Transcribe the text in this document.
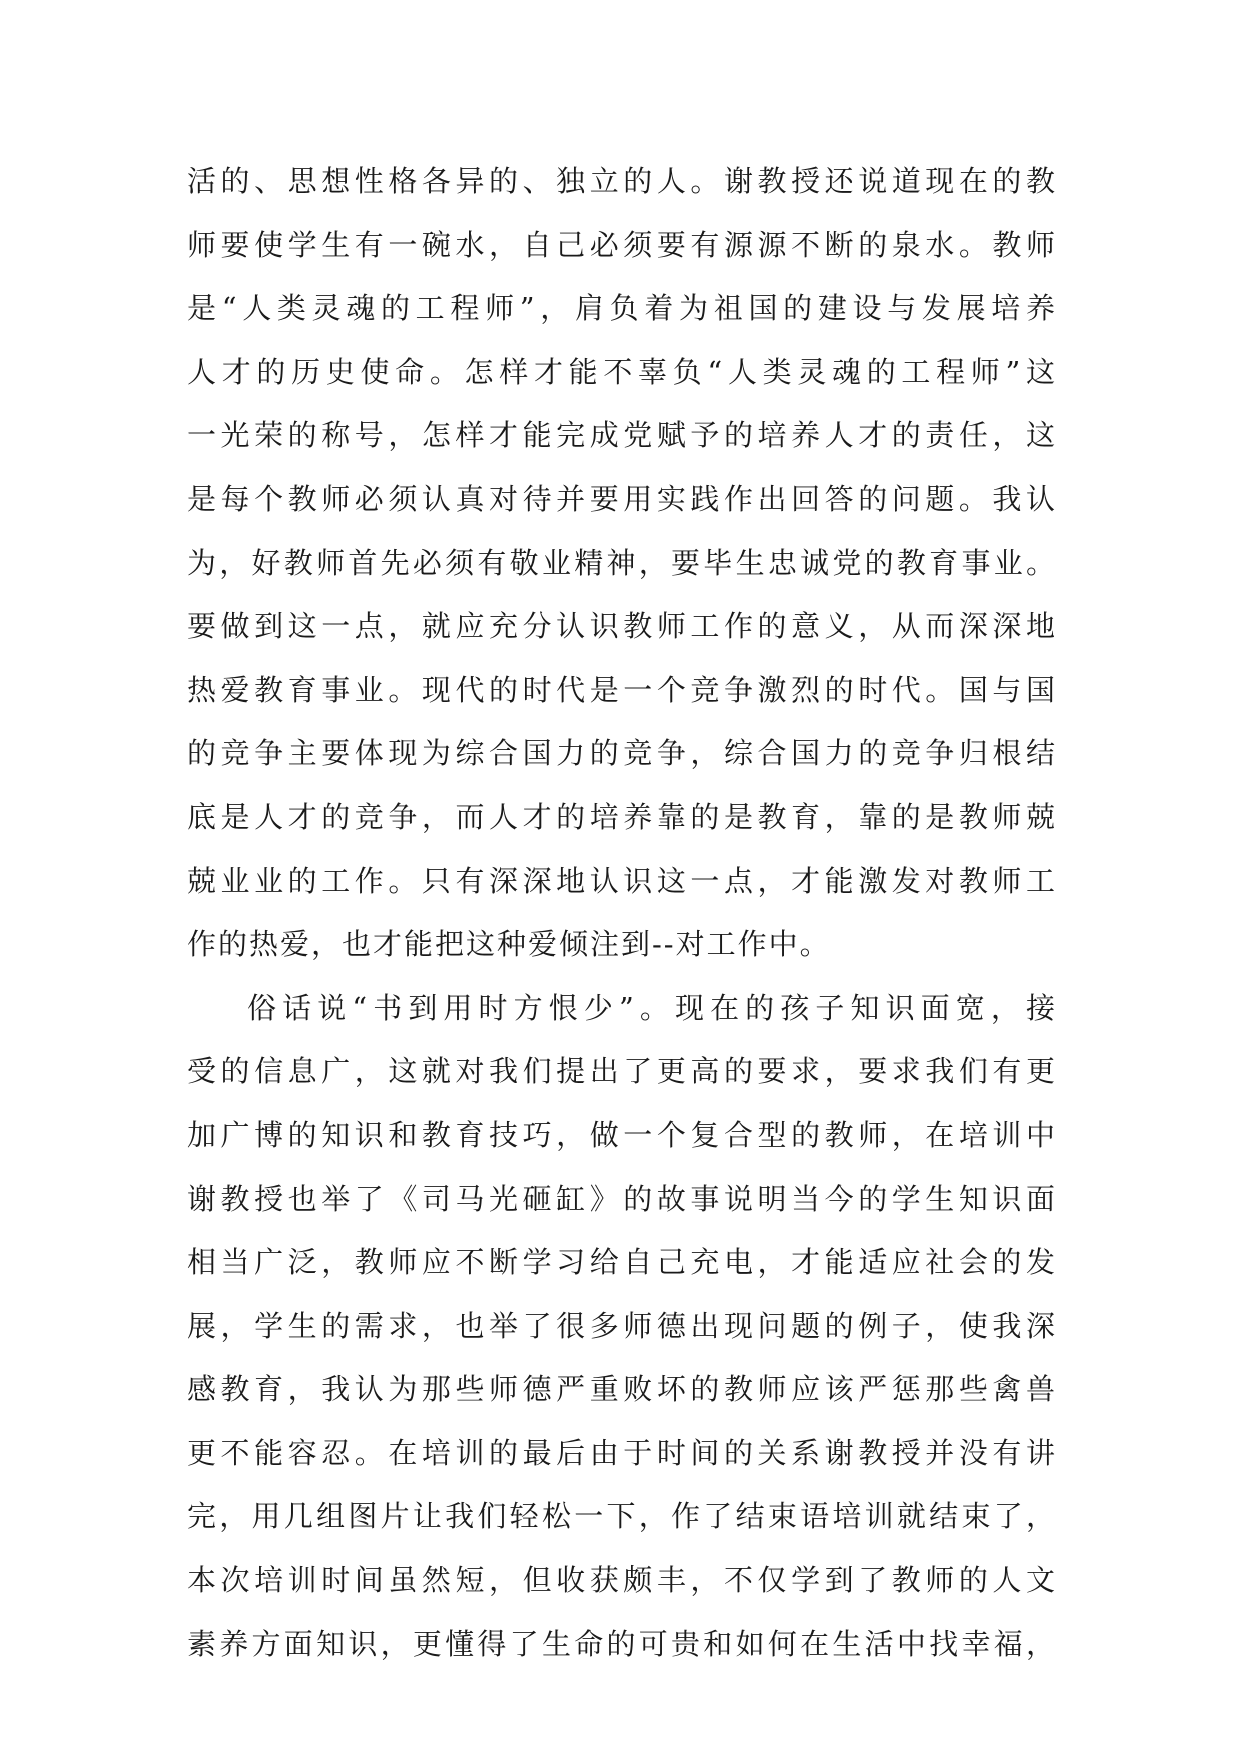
活的、思想性格各异的、独立的人。谢教授还说道现在的教
师要使学生有一碗水，自己必须要有源源不断的泉水。教师
是“人类灵魂的工程师”，肩负着为祖国的建设与发展培养
人才的历史使命。怎样才能不辜负“人类灵魂的工程师”这
一光荣的称号，怎样才能完成党赋予的培养人才的责任，这
是每个教师必须认真对待并要用实践作出回答的问题。我认
为，好教师首先必须有敬业精神，要毕生忠诚党的教育事业。
要做到这一点，就应充分认识教师工作的意义，从而深深地
热爱教育事业。现代的时代是一个竞争激烈的时代。国与国
的竞争主要体现为综合国力的竞争，综合国力的竞争归根结
底是人才的竞争，而人才的培养靠的是教育，靠的是教师兢
兢业业的工作。只有深深地认识这一点，才能激发对教师工
作的热爱，也才能把这种爱倾注到--对工作中。
俗话说“书到用时方恨少”。现在的孩子知识面宽，接
受的信息广，这就对我们提出了更高的要求，要求我们有更
加广博的知识和教育技巧，做一个复合型的教师，在培训中
谢教授也举了《司马光砸缸》的故事说明当今的学生知识面
相当广泛，教师应不断学习给自己充电，才能适应社会的发
展，学生的需求，也举了很多师德出现问题的例子，使我深
感教育，我认为那些师德严重败坏的教师应该严惩那些禽兽
更不能容忍。在培训的最后由于时间的关系谢教授并没有讲
完，用几组图片让我们轻松一下，作了结束语培训就结束了，
本次培训时间虽然短，但收获颇丰，不仅学到了教师的人文
素养方面知识，更懂得了生命的可贵和如何在生活中找幸福，
